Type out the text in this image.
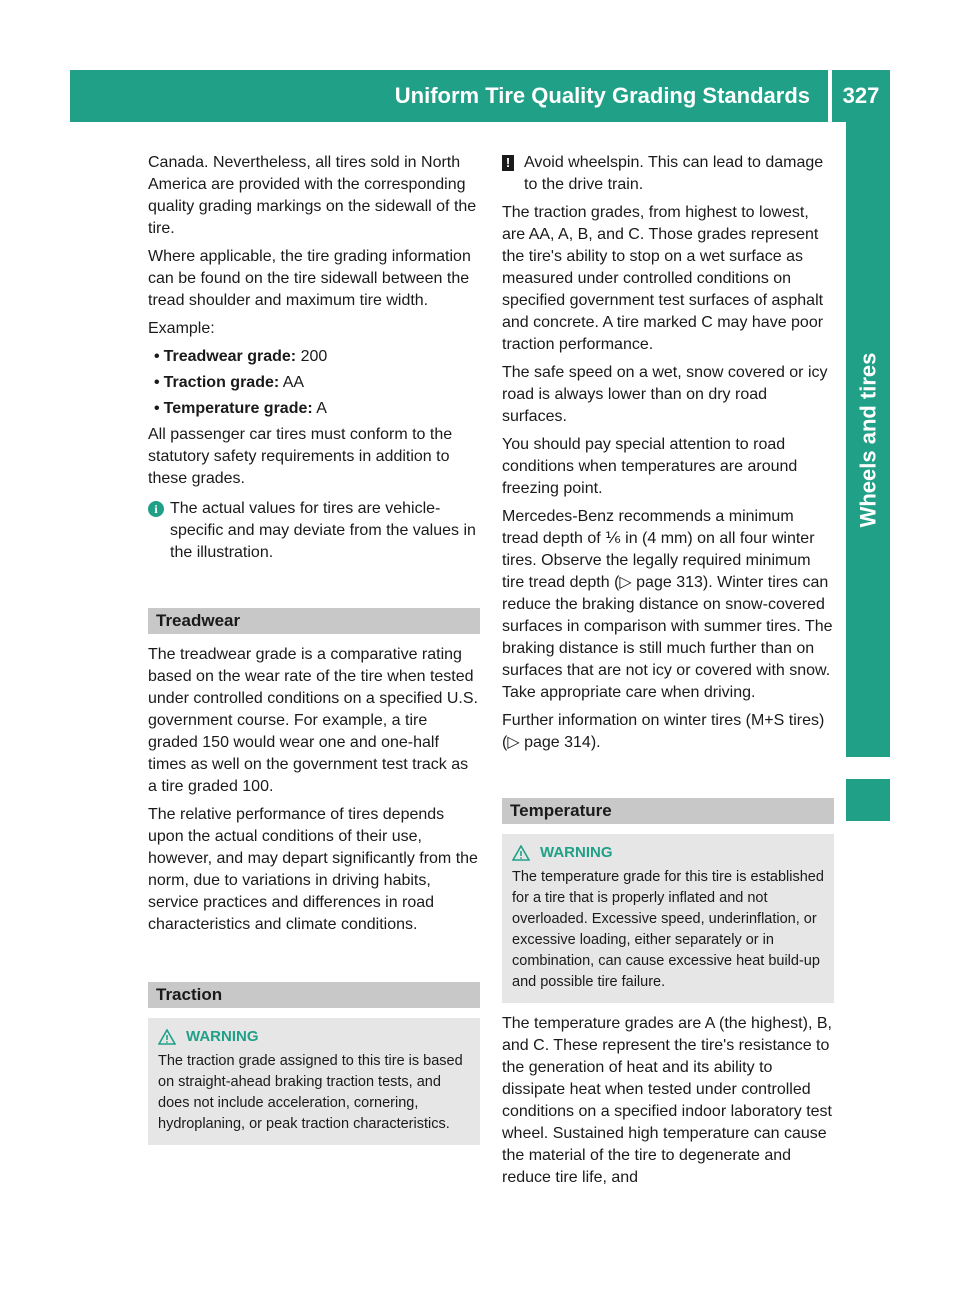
Uniform Tire Quality Grading Standards	327
Wheels and tires

Canada. Nevertheless, all tires sold in North America are provided with the corresponding quality grading markings on the sidewall of the tire.

Where applicable, the tire grading information can be found on the tire sidewall between the tread shoulder and maximum tire width.

Example:

• Treadwear grade: 200
• Traction grade: AA
• Temperature grade: A

All passenger car tires must conform to the statutory safety requirements in addition to these grades.

i The actual values for tires are vehicle-specific and may deviate from the values in the illustration.
Treadwear

The treadwear grade is a comparative rating based on the wear rate of the tire when tested under controlled conditions on a specified U.S. government course. For example, a tire graded 150 would wear one and one-half times as well on the government test track as a tire graded 100.

The relative performance of tires depends upon the actual conditions of their use, however, and may depart significantly from the norm, due to variations in driving habits, service practices and differences in road characteristics and climate conditions.

Traction
WARNING
The traction grade assigned to this tire is based on straight-ahead braking traction tests, and does not include acceleration, cornering, hydroplaning, or peak traction characteristics.
! Avoid wheelspin. This can lead to damage to the drive train.

The traction grades, from highest to lowest, are AA, A, B, and C. Those grades represent the tire's ability to stop on a wet surface as measured under controlled conditions on specified government test surfaces of asphalt and concrete. A tire marked C may have poor traction performance.

The safe speed on a wet, snow covered or icy road is always lower than on dry road surfaces.

You should pay special attention to road conditions when temperatures are around freezing point.

Mercedes-Benz recommends a minimum tread depth of ⅙ in (4 mm) on all four winter tires. Observe the legally required minimum tire tread depth (▷ page 313). Winter tires can reduce the braking distance on snow-covered surfaces in comparison with summer tires. The braking distance is still much further than on surfaces that are not icy or covered with snow. Take appropriate care when driving.

Further information on winter tires (M+S tires) (▷ page 314).

Temperature
WARNING
The temperature grade for this tire is established for a tire that is properly inflated and not overloaded. Excessive speed, underinflation, or excessive loading, either separately or in combination, can cause excessive heat build-up and possible tire failure.

The temperature grades are A (the highest), B, and C. These represent the tire's resistance to the generation of heat and its ability to dissipate heat when tested under controlled conditions on a specified indoor laboratory test wheel. Sustained high temperature can cause the material of the tire to degenerate and reduce tire life, and
